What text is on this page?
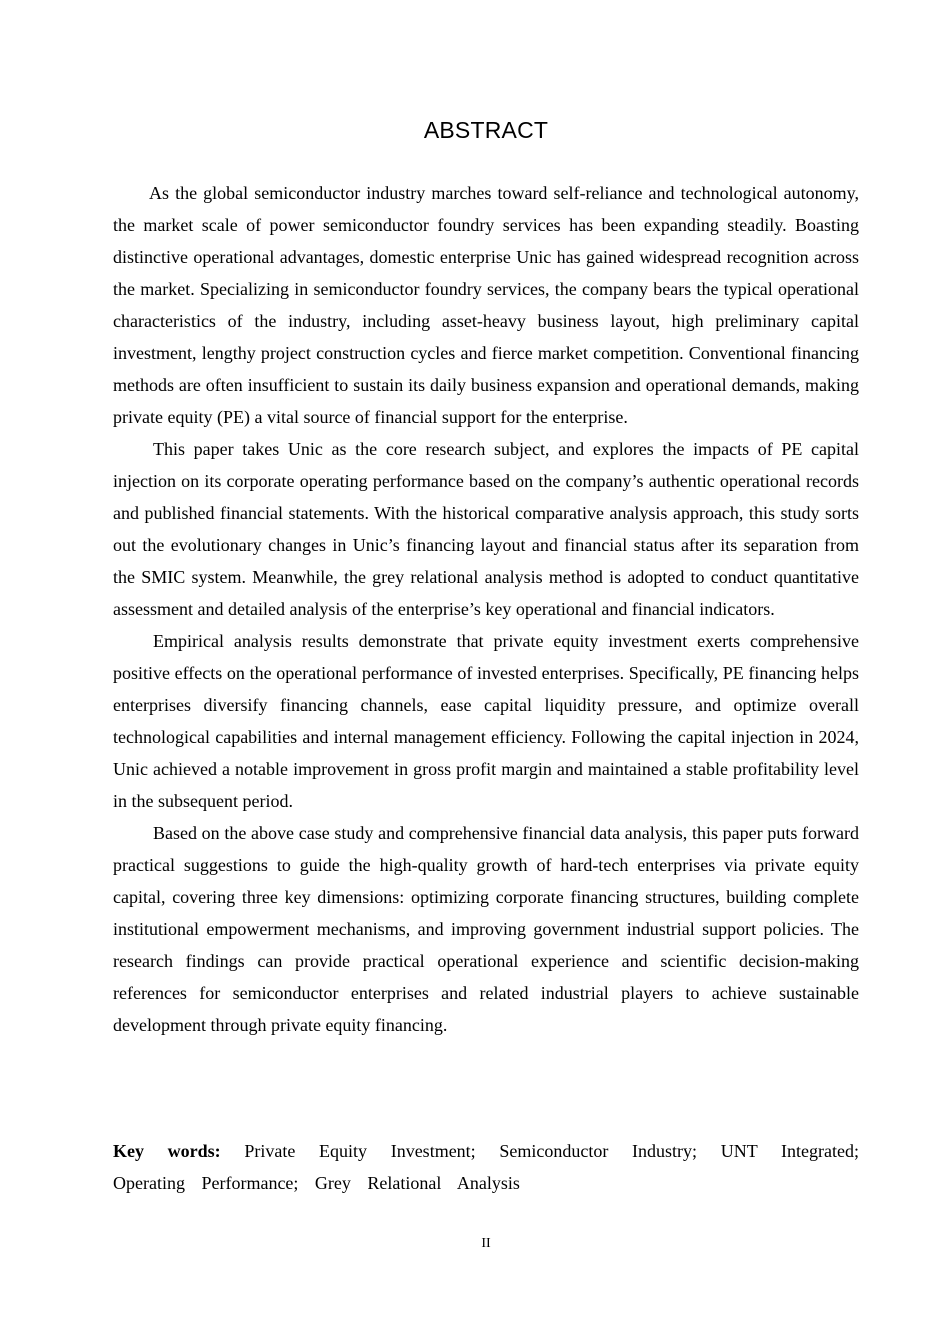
ABSTRACT

As the global semiconductor industry marches toward self-reliance and technological autonomy, the market scale of power semiconductor foundry services has been expanding steadily. Boasting distinctive operational advantages, domestic enterprise Unic has gained widespread recognition across the market. Specializing in semiconductor foundry services, the company bears the typical operational characteristics of the industry, including asset-heavy business layout, high preliminary capital investment, lengthy project construction cycles and fierce market competition. Conventional financing methods are often insufficient to sustain its daily business expansion and operational demands, making private equity (PE) a vital source of financial support for the enterprise.

This paper takes Unic as the core research subject, and explores the impacts of PE capital injection on its corporate operating performance based on the company’s authentic operational records and published financial statements. With the historical comparative analysis approach, this study sorts out the evolutionary changes in Unic’s financing layout and financial status after its separation from the SMIC system. Meanwhile, the grey relational analysis method is adopted to conduct quantitative assessment and detailed analysis of the enterprise’s key operational and financial indicators.

Empirical analysis results demonstrate that private equity investment exerts comprehensive positive effects on the operational performance of invested enterprises. Specifically, PE financing helps enterprises diversify financing channels, ease capital liquidity pressure, and optimize overall technological capabilities and internal management efficiency. Following the capital injection in 2024, Unic achieved a notable improvement in gross profit margin and maintained a stable profitability level in the subsequent period.

Based on the above case study and comprehensive financial data analysis, this paper puts forward practical suggestions to guide the high-quality growth of hard-tech enterprises via private equity capital, covering three key dimensions: optimizing corporate financing structures, building complete institutional empowerment mechanisms, and improving government industrial support policies. The research findings can provide practical operational experience and scientific decision-making references for semiconductor enterprises and related industrial players to achieve sustainable development through private equity financing.

Key words: Private Equity Investment; Semiconductor Industry; UNT Integrated; Operating Performance; Grey Relational Analysis

II
